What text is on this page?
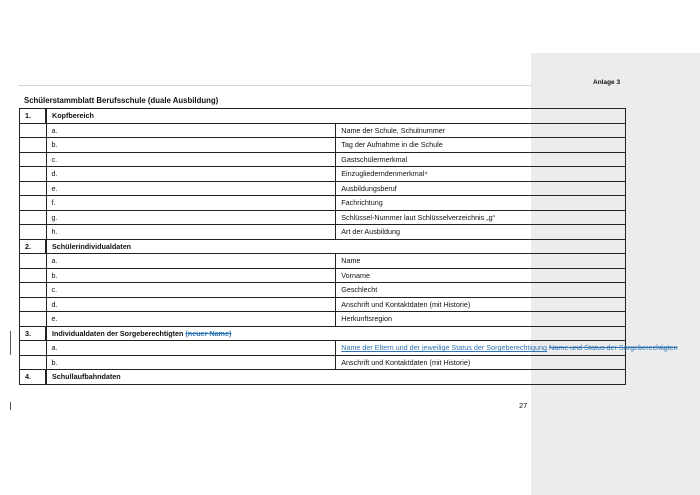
Anlage 3
Schülerstammblatt Berufsschule (duale Ausbildung)
1.	Kopfbereich	
	a.	Name der Schule, Schulnummer
	b.	Tag der Aufnahme in die Schule
	c.	Gastschülermerkmal
	d.	Einzugliederndenmerkmal⁴
	e.	Ausbildungsberuf
	f.	Fachrichtung
	g.	Schlüssel-Nummer laut Schlüsselverzeichnis „g“
	h.	Art der Ausbildung
2.	Schülerindividualdaten	
	a.	Name
	b.	Vorname
	c.	Geschlecht
	d.	Anschrift und Kontaktdaten (mit Historie)
	e.	Herkunftsregion
3.	Individualdaten der Sorgeberechtigten (neuer Name)	
	a.	Name der Eltern und der jeweilige Status der Sorgeberechtigung Name und Status der Sorgeberechtigten
	b.	Anschrift und Kontaktdaten (mit Historie)
4.	Schullaufbahndaten	
27
